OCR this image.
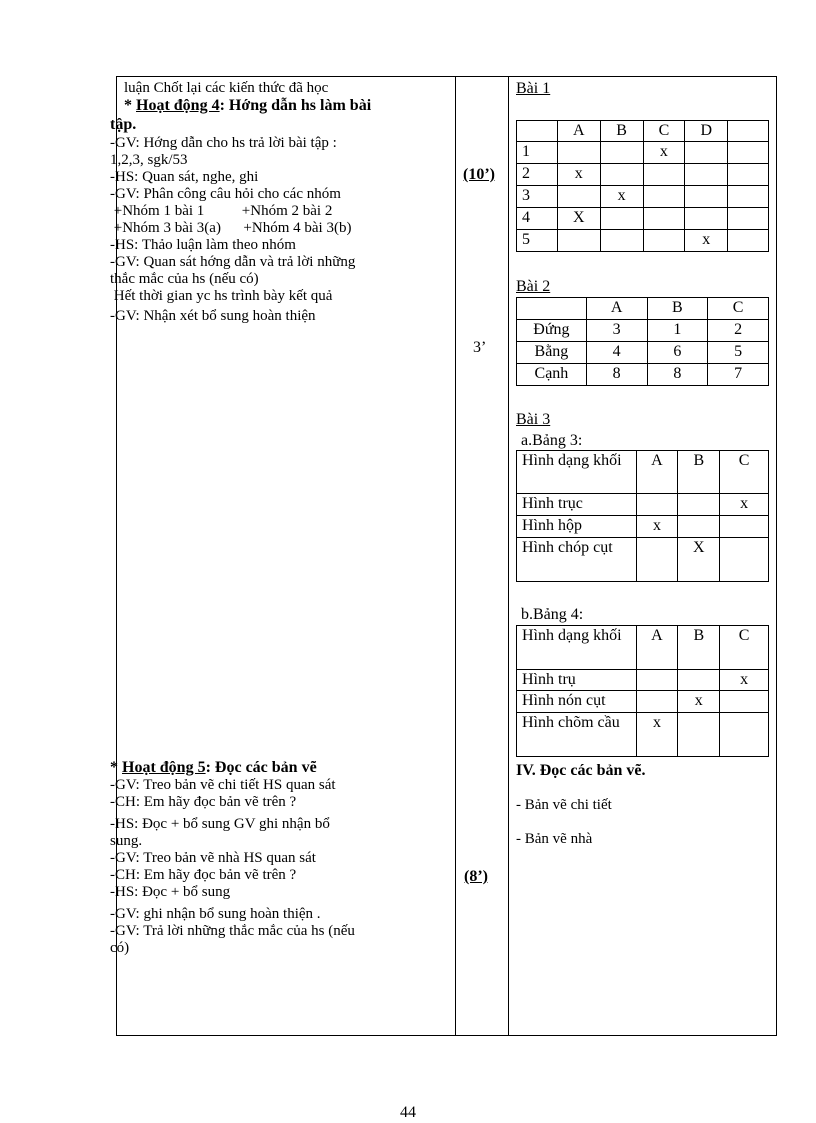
luận Chốt lại các kiến thức đã học
* Hoạt động 4: Hớng dẫn hs làm bài
tập.
-GV: Hớng dẫn cho hs trả lời bài tập :
1,2,3, sgk/53
-HS: Quan sát, nghe, ghi
-GV: Phân công câu hỏi cho các nhóm
+Nhóm 1 bài 1          +Nhóm 2 bài 2
+Nhóm 3 bài 3(a)      +Nhóm 4 bài 3(b)
-HS: Thảo luận làm theo nhóm
-GV: Quan sát hớng dẫn và trả lời những
thắc mắc của hs (nếu có)
Hết thời gian yc hs trình bày kết quả
-GV: Nhận xét bổ sung hoàn thiện
* Hoạt động 5: Đọc các bản vẽ
-GV: Treo bản vẽ chi tiết HS quan sát
-CH: Em hãy đọc bản vẽ trên ?
-HS: Đọc + bổ sung GV ghi nhận bổ
sung.
-GV: Treo bản vẽ nhà HS quan sát
-CH: Em hãy đọc bản vẽ trên ?
-HS: Đọc + bổ sung
-GV: ghi nhận bổ sung hoàn thiện .
-GV: Trả lời những thắc mắc của hs (nếu
có)
(10’)
3’
(8’)
Bài 1
	A	B	C	D	
1			x		
2	x				
3		x			
4	X				
5				x	
Bài 2
	A	B	C
Đứng	3	1	2
Bằng	4	6	5
Cạnh	8	8	7
Bài 3
a.Bảng 3:
Hình dạng khối	A	B	C
Hình trục			x
Hình hộp	x		
Hình chóp cụt		X	
b.Bảng 4:
Hình dạng khối	A	B	C
Hình trụ			x
Hình nón cụt		x	
Hình chõm cầu	x		
IV. Đọc các bản vẽ.
- Bản vẽ chi tiết
- Bản vẽ nhà
44
